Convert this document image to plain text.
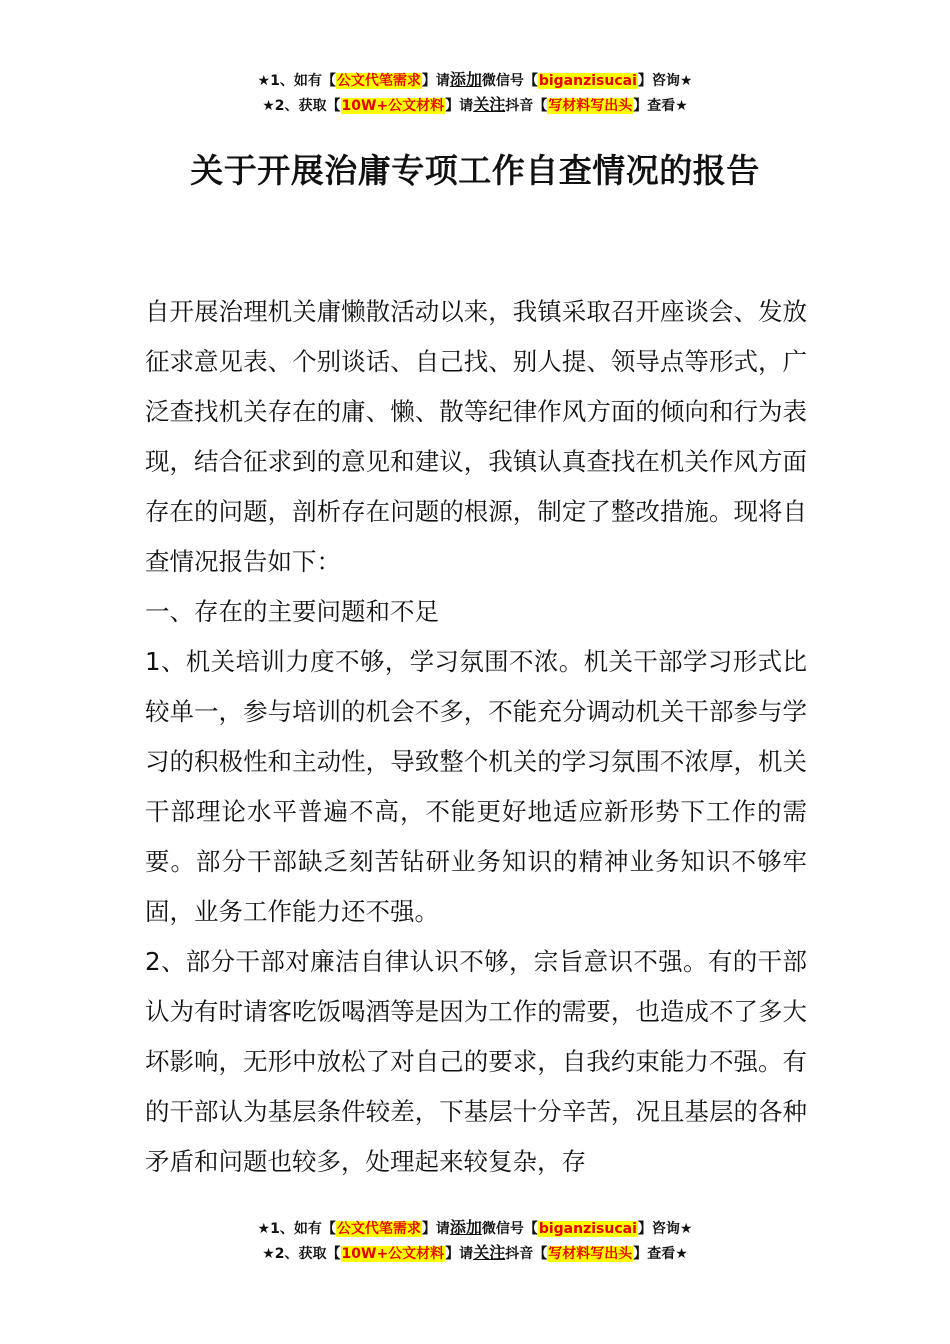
★1、如有【公文代笔需求】请添加微信号【biganzisucai】咨询★
★2、获取【10W+公文材料】请关注抖音【写材料写出头】查看★
关于开展治庸专项工作自查情况的报告

自开展治理机关庸懒散活动以来，我镇采取召开座谈会、发放征求意见表、个别谈话、自己找、别人提、领导点等形式，广泛查找机关存在的庸、懒、散等纪律作风方面的倾向和行为表现，结合征求到的意见和建议，我镇认真查找在机关作风方面存在的问题，剖析存在问题的根源，制定了整改措施。现将自查情况报告如下：

一、存在的主要问题和不足

1、机关培训力度不够，学习氛围不浓。机关干部学习形式比较单一，参与培训的机会不多，不能充分调动机关干部参与学习的积极性和主动性，导致整个机关的学习氛围不浓厚，机关干部理论水平普遍不高，不能更好地适应新形势下工作的需要。部分干部缺乏刻苦钻研业务知识的精神业务知识不够牢固，业务工作能力还不强。

2、部分干部对廉洁自律认识不够，宗旨意识不强。有的干部认为有时请客吃饭喝酒等是因为工作的需要，也造成不了多大坏影响，无形中放松了对自己的要求，自我约束能力不强。有的干部认为基层条件较差，下基层十分辛苦，况且基层的各种矛盾和问题也较多，处理起来较复杂，存

★1、如有【公文代笔需求】请添加微信号【biganzisucai】咨询★
★2、获取【10W+公文材料】请关注抖音【写材料写出头】查看★
